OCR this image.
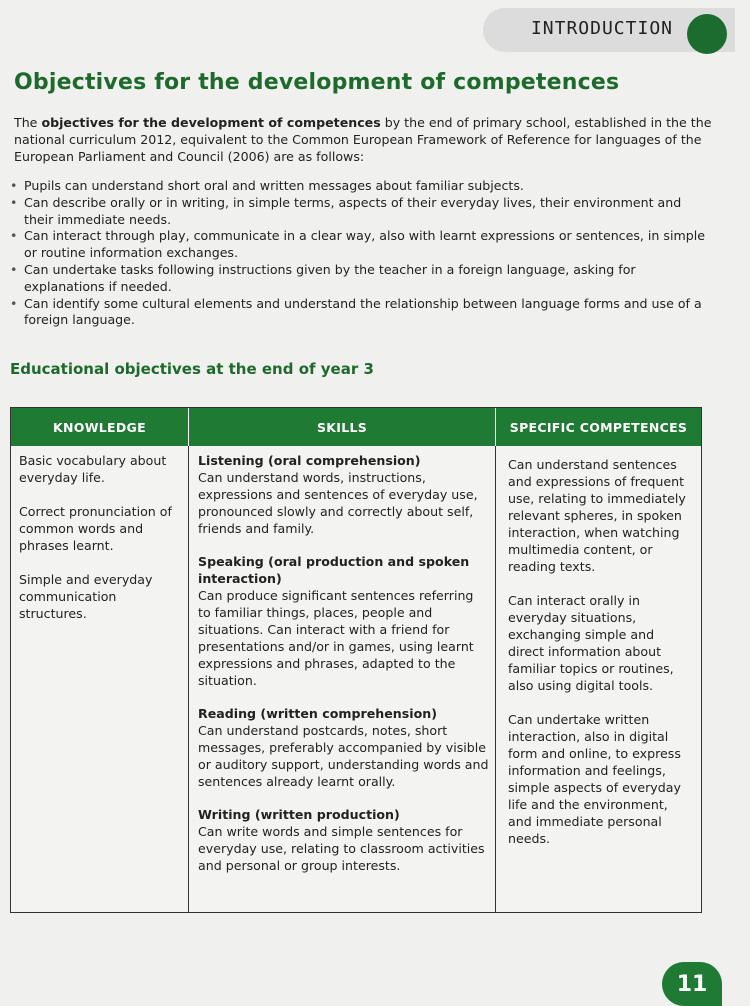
INTRODUCTION
Objectives for the development of competences

The objectives for the development of competences by the end of primary school, established in the the national curriculum 2012, equivalent to the Common European Framework of Reference for languages of the European Parliament and Council (2006) are as follows:

• Pupils can understand short oral and written messages about familiar subjects.
• Can describe orally or in writing, in simple terms, aspects of their everyday lives, their environment and their immediate needs.
• Can interact through play, communicate in a clear way, also with learnt expressions or sentences, in simple or routine information exchanges.
• Can undertake tasks following instructions given by the teacher in a foreign language, asking for explanations if needed.
• Can identify some cultural elements and understand the relationship between language forms and use of a foreign language.
Educational objectives at the end of year 3
KNOWLEDGE	SKILLS	SPECIFIC COMPETENCES

Basic vocabulary about everyday life.

Correct pronunciation of common words and phrases learnt.

Simple and everyday communication structures.

Listening (oral comprehension)
Can understand words, instructions, expressions and sentences of everyday use, pronounced slowly and correctly about self, friends and family.
Speaking (oral production and spoken interaction)
Can produce significant sentences referring to familiar things, places, people and situations. Can interact with a friend for presentations and/or in games, using learnt expressions and phrases, adapted to the situation.
Reading (written comprehension)
Can understand postcards, notes, short messages, preferably accompanied by visible or auditory support, understanding words and sentences already learnt orally.
Writing (written production)
Can write words and simple sentences for everyday use, relating to classroom activities and personal or group interests.

Can understand sentences and expressions of frequent use, relating to immediately relevant spheres, in spoken interaction, when watching multimedia content, or reading texts.

Can interact orally in everyday situations, exchanging simple and direct information about familiar topics or routines, also using digital tools.

Can undertake written interaction, also in digital form and online, to express information and feelings, simple aspects of everyday life and the environment, and immediate personal needs.

11
